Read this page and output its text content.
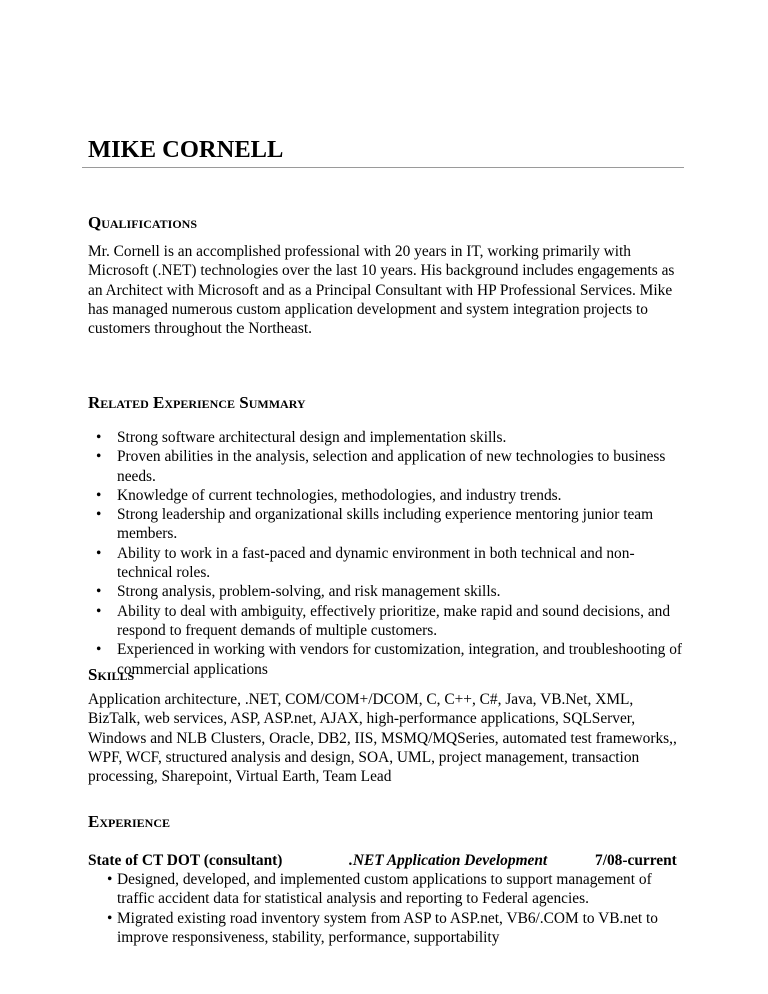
MIKE CORNELL
Qualifications

Mr. Cornell is an accomplished professional with 20 years in IT, working primarily with Microsoft (.NET) technologies over the last 10 years. His background includes engagements as an Architect with Microsoft and as a Principal Consultant with HP Professional Services. Mike has managed numerous custom application development and system integration projects to customers throughout the Northeast.

Related Experience Summary
• Strong software architectural design and implementation skills.
• Proven abilities in the analysis, selection and application of new technologies to business needs.
• Knowledge of current technologies, methodologies, and industry trends.
• Strong leadership and organizational skills including experience mentoring junior team members.
• Ability to work in a fast-paced and dynamic environment in both technical and non-technical roles.
• Strong analysis, problem-solving, and risk management skills.
• Ability to deal with ambiguity, effectively prioritize, make rapid and sound decisions, and respond to frequent demands of multiple customers.
• Experienced in working with vendors for customization, integration, and troubleshooting of commercial applications
Skills

Application architecture, .NET, COM/COM+/DCOM, C, C++, C#, Java, VB.Net, XML, BizTalk, web services, ASP, ASP.net, AJAX, high-performance applications, SQLServer, Windows and NLB Clusters, Oracle, DB2, IIS, MSMQ/MQSeries, automated test frameworks,, WPF, WCF, structured analysis and design, SOA, UML, project management, transaction processing, Sharepoint, Virtual Earth, Team Lead

Experience
State of CT DOT (consultant)	.NET Application Development	7/08-current
• Designed, developed, and implemented custom applications to support management of traffic accident data for statistical analysis and reporting to Federal agencies.
• Migrated existing road inventory system from ASP to ASP.net, VB6/.COM to VB.net to improve responsiveness, stability, performance, supportability
